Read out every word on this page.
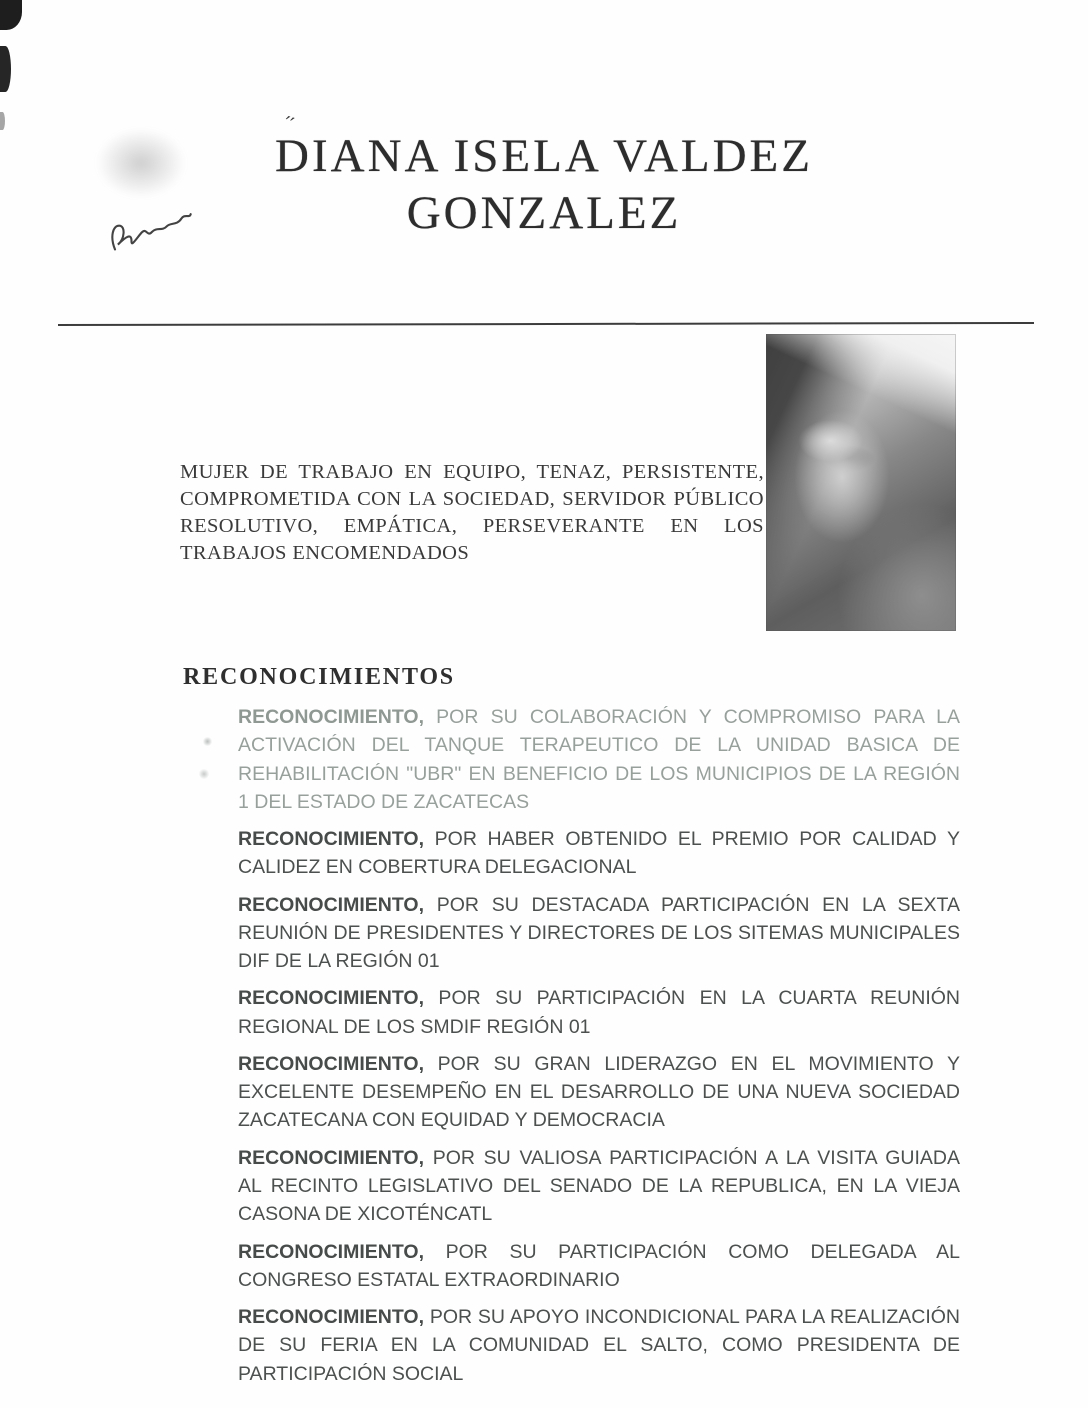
′′
DIANA ISELA VALDEZ
GONZALEZ

MUJER DE TRABAJO EN EQUIPO, TENAZ, PERSISTENTE, COMPROMETIDA CON LA SOCIEDAD, SERVIDOR PÚBLICO RESOLUTIVO, EMPÁTICA, PERSEVERANTE EN LOS TRABAJOS ENCOMENDADOS

RECONOCIMIENTOS

RECONOCIMIENTO, POR SU COLABORACIÓN Y COMPROMISO PARA LA ACTIVACIÓN DEL TANQUE TERAPEUTICO DE LA UNIDAD BASICA DE REHABILITACIÓN "UBR" EN BENEFICIO DE LOS MUNICIPIOS DE LA REGIÓN 1 DEL ESTADO DE ZACATECAS

RECONOCIMIENTO, POR HABER OBTENIDO EL PREMIO POR CALIDAD Y CALIDEZ EN COBERTURA DELEGACIONAL

RECONOCIMIENTO, POR SU DESTACADA PARTICIPACIÓN EN LA SEXTA REUNIÓN DE PRESIDENTES Y DIRECTORES DE LOS SITEMAS MUNICIPALES DIF DE LA REGIÓN 01

RECONOCIMIENTO, POR SU PARTICIPACIÓN EN LA CUARTA REUNIÓN REGIONAL DE LOS SMDIF REGIÓN 01

RECONOCIMIENTO, POR SU GRAN LIDERAZGO EN EL MOVIMIENTO Y EXCELENTE DESEMPEÑO EN EL DESARROLLO DE UNA NUEVA SOCIEDAD ZACATECANA CON EQUIDAD Y DEMOCRACIA

RECONOCIMIENTO, POR SU VALIOSA PARTICIPACIÓN A LA VISITA GUIADA AL RECINTO LEGISLATIVO DEL SENADO DE LA REPUBLICA, EN LA VIEJA CASONA DE XICOTÉNCATL

RECONOCIMIENTO, POR SU PARTICIPACIÓN COMO DELEGADA AL CONGRESO ESTATAL EXTRAORDINARIO

RECONOCIMIENTO, POR SU APOYO INCONDICIONAL PARA LA REALIZACIÓN DE SU FERIA EN LA COMUNIDAD EL SALTO, COMO PRESIDENTA DE PARTICIPACIÓN SOCIAL
